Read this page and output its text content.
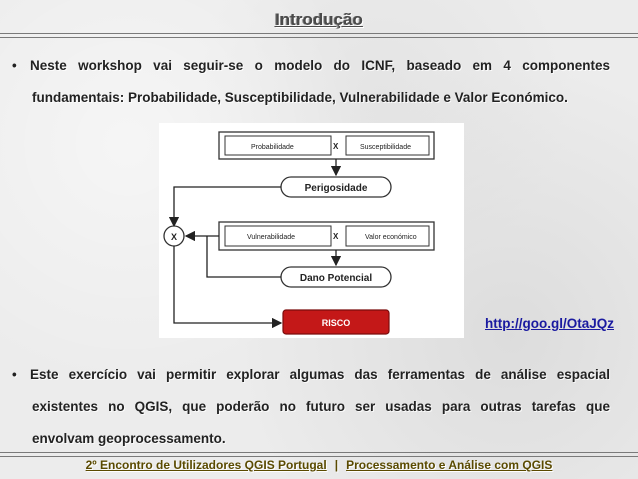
Introdução
• Neste workshop vai seguir-se o modelo do ICNF, baseado em 4 componentes
fundamentais: Probabilidade, Susceptibilidade, Vulnerabilidade e Valor Económico.
Probabilidade	X	Susceptibilidade
Perigosidade
X	Vulnerabilidade	X	Valor económico
Dano Potencial
RISCO	http://goo.gl/OtaJQz
• Este exercício vai permitir explorar algumas das ferramentas de análise espacial
existentes no QGIS, que poderão no futuro ser usadas para outras tarefas que
envolvam geoprocessamento.
2º Encontro de Utilizadores QGIS Portugal | Processamento e Análise com QGIS
